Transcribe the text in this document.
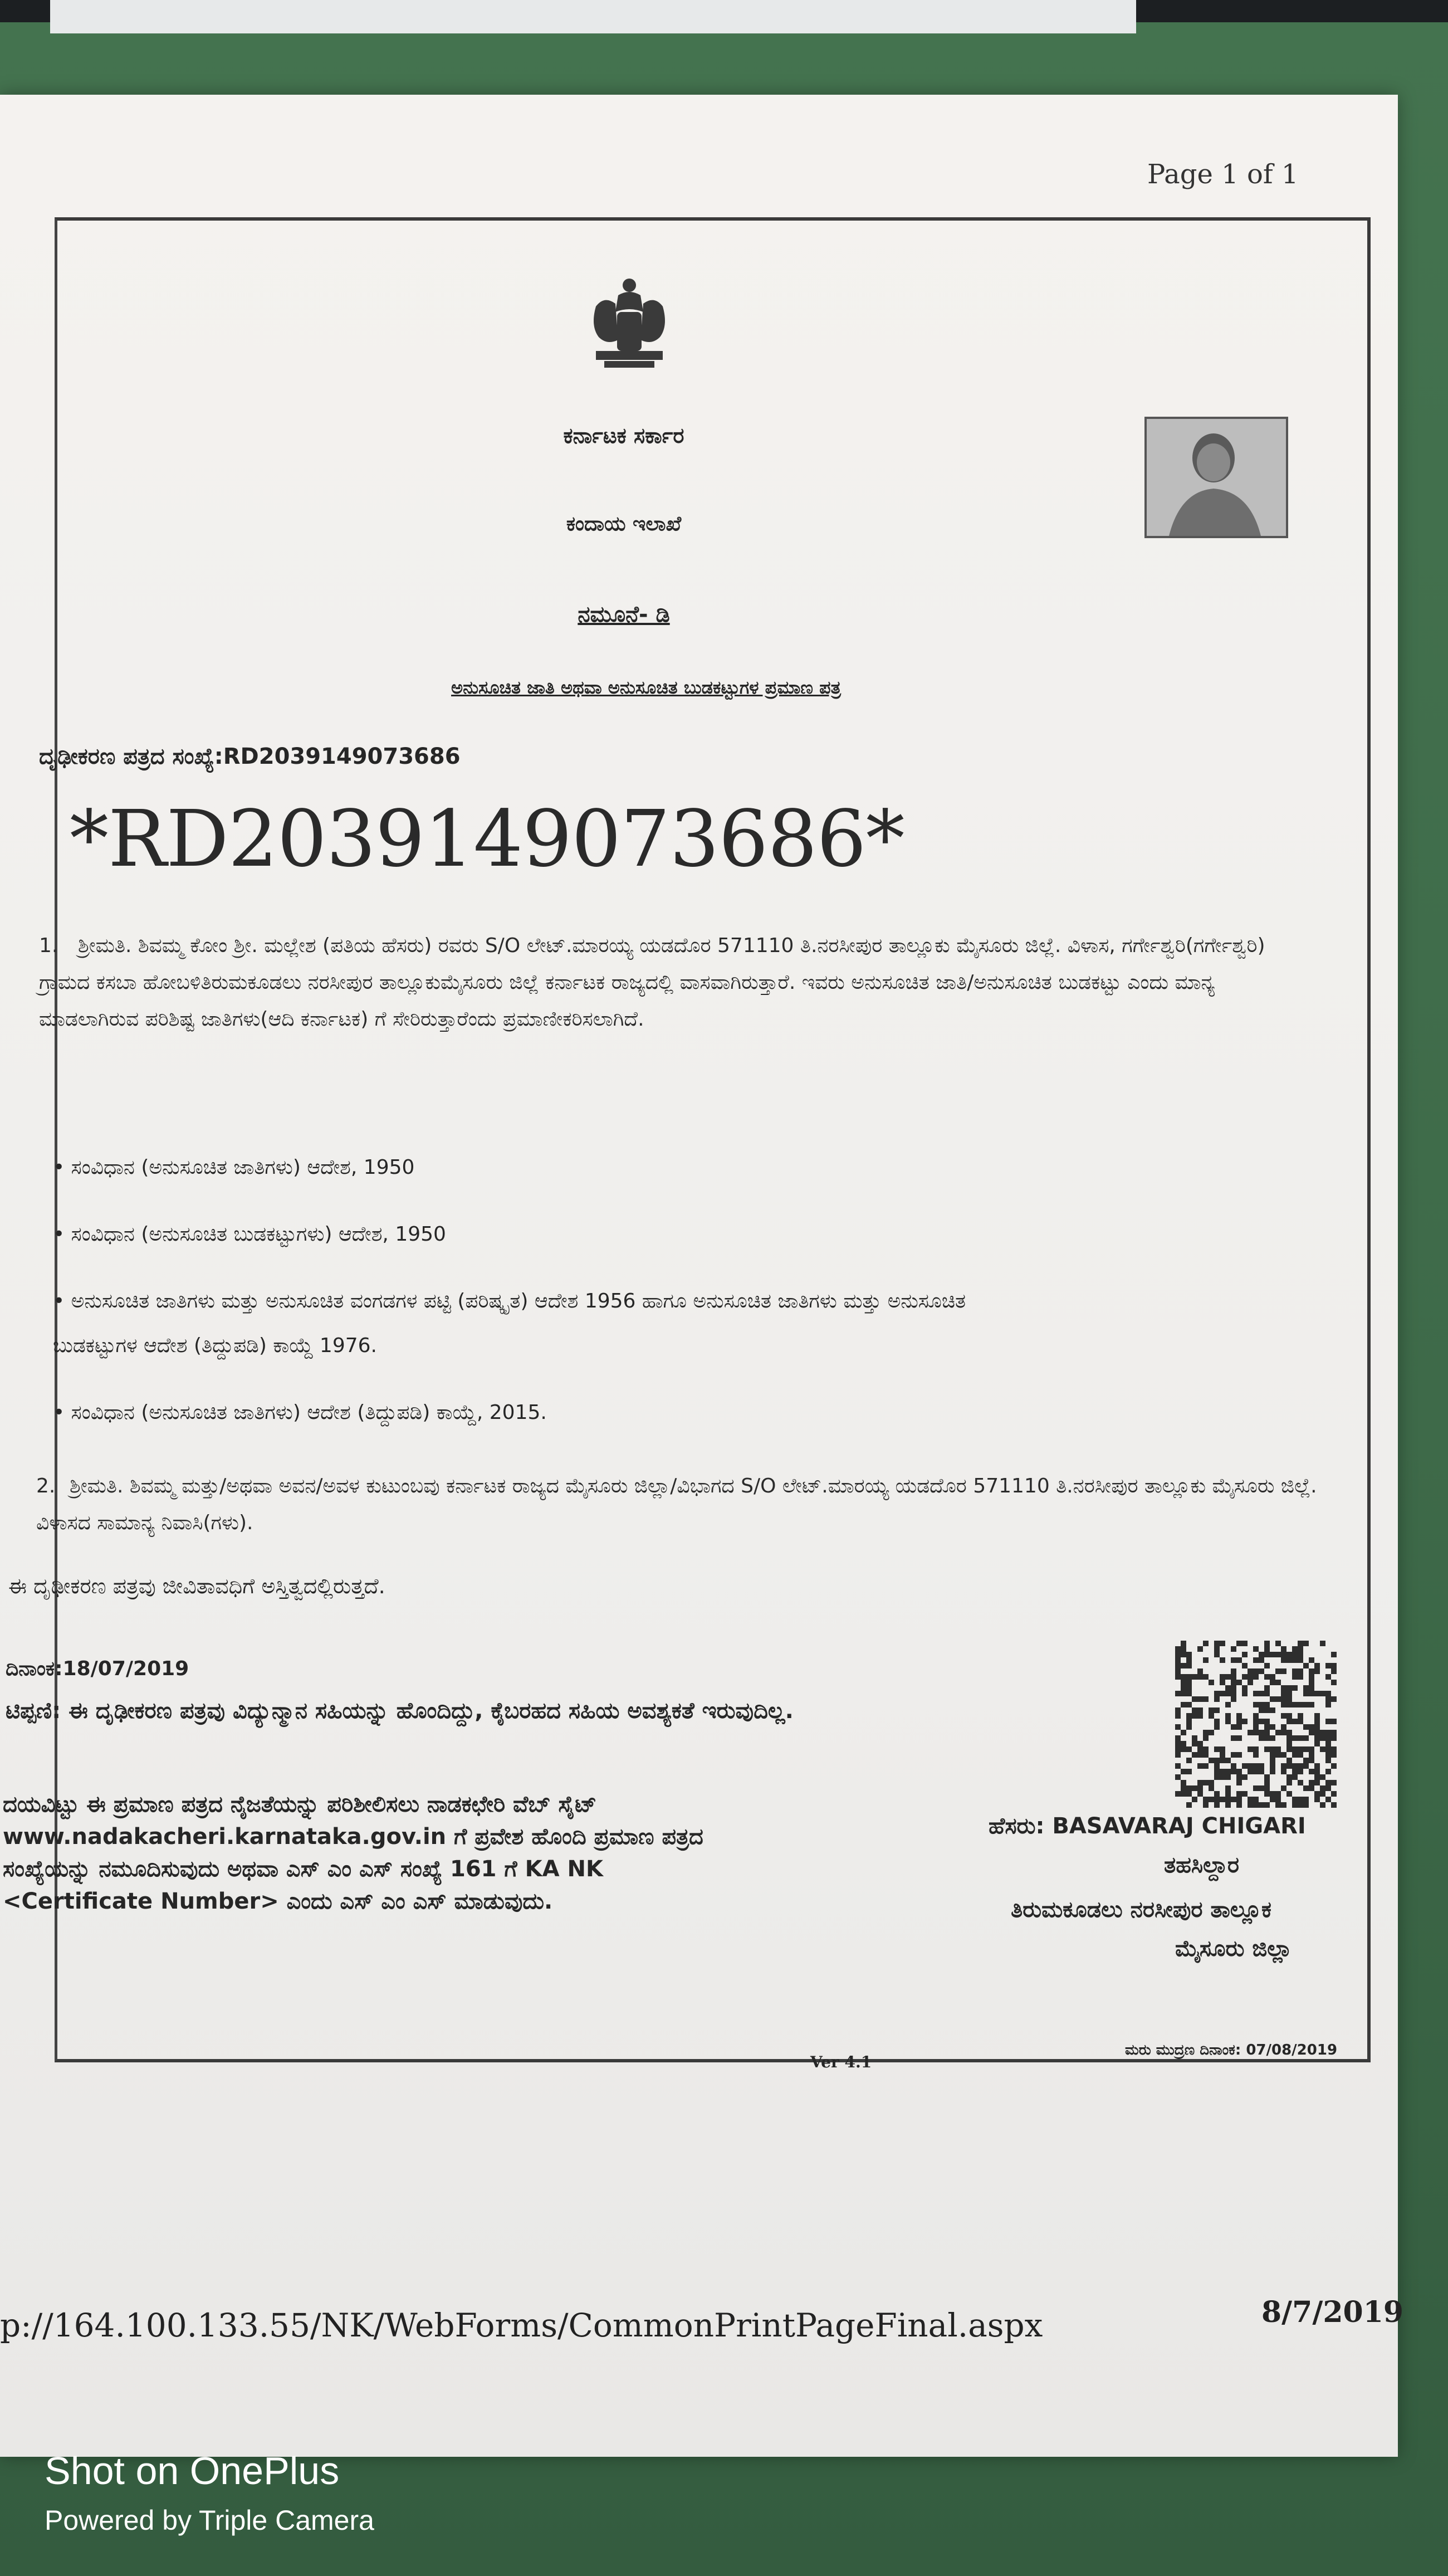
Page 1 of 1
ಕರ್ನಾಟಕ ಸರ್ಕಾರ
ಕಂದಾಯ ಇಲಾಖೆ
ನಮೂನೆ- ಡಿ
ಅನುಸೂಚಿತ ಜಾತಿ ಅಥವಾ ಅನುಸೂಚಿತ ಬುಡಕಟ್ಟುಗಳ ಪ್ರಮಾಣ ಪತ್ರ
ದೃಢೀಕರಣ ಪತ್ರದ ಸಂಖ್ಯೆ:RD2039149073686
*RD2039149073686*
1. ಶ್ರೀಮತಿ. ಶಿವಮ್ಮ ಕೋಂ ಶ್ರೀ. ಮಲ್ಲೇಶ (ಪತಿಯ ಹೆಸರು) ರವರು S/O ಲೇಟ್.ಮಾರಯ್ಯ ಯಡದೊರ 571110 ತಿ.ನರಸೀಪುರ ತಾಲ್ಲೂಕು ಮೈಸೂರು ಜಿಲ್ಲೆ. ವಿಳಾಸ, ಗರ್ಗೇಶ್ವರಿ(ಗರ್ಗೇಶ್ವರಿ) ಗ್ರಾಮದ ಕಸಬಾ ಹೋಬಳಿತಿರುಮಕೂಡಲು ನರಸೀಪುರ ತಾಲ್ಲೂಕುಮೈಸೂರು ಜಿಲ್ಲೆ ಕರ್ನಾಟಕ ರಾಜ್ಯದಲ್ಲಿ ವಾಸವಾಗಿರುತ್ತಾರೆ. ಇವರು ಅನುಸೂಚಿತ ಜಾತಿ/ಅನುಸೂಚಿತ ಬುಡಕಟ್ಟು ಎಂದು ಮಾನ್ಯ ಮಾಡಲಾಗಿರುವ ಪರಿಶಿಷ್ಟ ಜಾತಿಗಳು(ಆದಿ ಕರ್ನಾಟಕ) ಗೆ ಸೇರಿರುತ್ತಾರೆಂದು ಪ್ರಮಾಣೀಕರಿಸಲಾಗಿದೆ.
• ಸಂವಿಧಾನ (ಅನುಸೂಚಿತ ಜಾತಿಗಳು) ಆದೇಶ, 1950
• ಸಂವಿಧಾನ (ಅನುಸೂಚಿತ ಬುಡಕಟ್ಟುಗಳು) ಆದೇಶ, 1950
• ಅನುಸೂಚಿತ ಜಾತಿಗಳು ಮತ್ತು ಅನುಸೂಚಿತ ವಂಗಡಗಳ ಪಟ್ಟಿ (ಪರಿಷ್ಕೃತ) ಆದೇಶ 1956 ಹಾಗೂ ಅನುಸೂಚಿತ ಜಾತಿಗಳು ಮತ್ತು ಅನುಸೂಚಿತ
ಬುಡಕಟ್ಟುಗಳ ಆದೇಶ (ತಿದ್ದುಪಡಿ) ಕಾಯ್ದೆ 1976.
• ಸಂವಿಧಾನ (ಅನುಸೂಚಿತ ಜಾತಿಗಳು) ಆದೇಶ (ತಿದ್ದುಪಡಿ) ಕಾಯ್ದೆ, 2015.
2. ಶ್ರೀಮತಿ. ಶಿವಮ್ಮ ಮತ್ತು/ಅಥವಾ ಅವನ/ಅವಳ ಕುಟುಂಬವು ಕರ್ನಾಟಕ ರಾಜ್ಯದ ಮೈಸೂರು ಜಿಲ್ಲಾ/ವಿಭಾಗದ S/O ಲೇಟ್.ಮಾರಯ್ಯ ಯಡದೊರ 571110 ತಿ.ನರಸೀಪುರ ತಾಲ್ಲೂಕು ಮೈಸೂರು ಜಿಲ್ಲೆ. ವಿಳಾಸದ ಸಾಮಾನ್ಯ ನಿವಾಸಿ(ಗಳು).
ಈ ದೃಢೀಕರಣ ಪತ್ರವು ಜೀವಿತಾವಧಿಗೆ ಅಸ್ತಿತ್ವದಲ್ಲಿರುತ್ತದೆ.
ದಿನಾಂಕ:18/07/2019
ಟಿಪ್ಪಣಿ: ಈ ದೃಢೀಕರಣ ಪತ್ರವು ವಿದ್ಯುನ್ಮಾನ ಸಹಿಯನ್ನು ಹೊಂದಿದ್ದು, ಕೈಬರಹದ ಸಹಿಯ ಅವಶ್ಯಕತೆ ಇರುವುದಿಲ್ಲ.
ದಯವಿಟ್ಟು ಈ ಪ್ರಮಾಣ ಪತ್ರದ ನೈಜತೆಯನ್ನು ಪರಿಶೀಲಿಸಲು ನಾಡಕಛೇರಿ ವೆಬ್ ಸೈಟ್
www.nadakacheri.karnataka.gov.in ಗೆ ಪ್ರವೇಶ ಹೊಂದಿ ಪ್ರಮಾಣ ಪತ್ರದ
ಸಂಖ್ಯೆಯನ್ನು ನಮೂದಿಸುವುದು ಅಥವಾ ಎಸ್ ಎಂ ಎಸ್ ಸಂಖ್ಯೆ 161 ಗೆ KA NK
<Certificate Number> ಎಂದು ಎಸ್ ಎಂ ಎಸ್ ಮಾಡುವುದು.
ಹೆಸರು: BASAVARAJ CHIGARI
ತಹಸಿಲ್ದಾರ
ತಿರುಮಕೂಡಲು ನರಸೀಪುರ ತಾಲ್ಲೂಕ
ಮೈಸೂರು ಜಿಲ್ಲಾ
Ver 4.1
ಮರು ಮುದ್ರಣ ದಿನಾಂಕ: 07/08/2019
p://164.100.133.55/NK/WebForms/CommonPrintPageFinal.aspx	8/7/2019
Shot on OnePlus
Powered by Triple Camera
